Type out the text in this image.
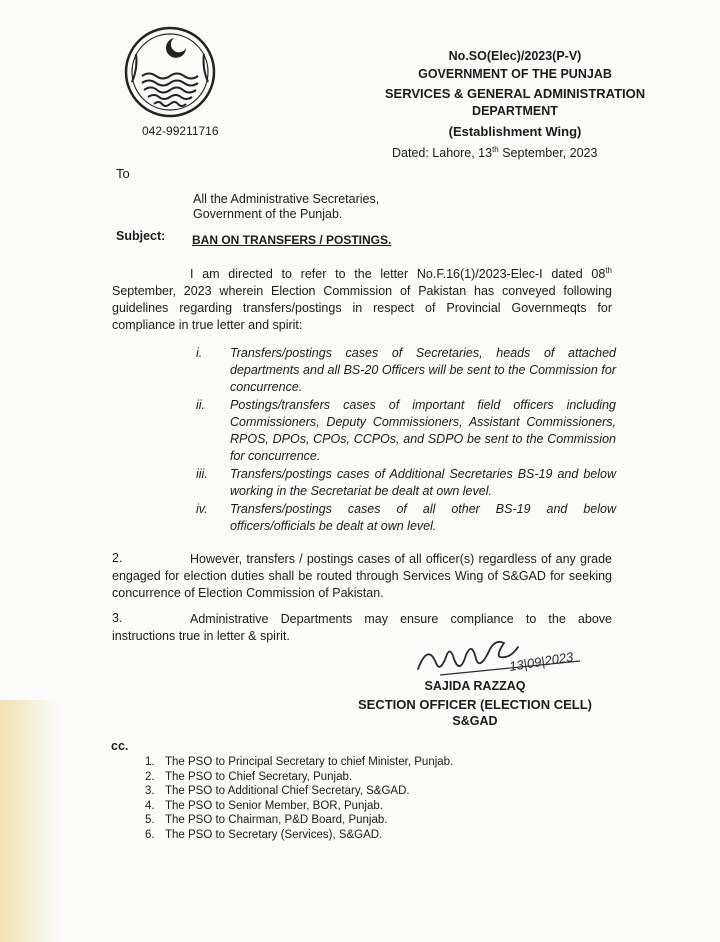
No.SO(Elec)/2023(P-V)
GOVERNMENT OF THE PUNJAB
SERVICES & GENERAL ADMINISTRATION
DEPARTMENT
(Establishment Wing)
042-99211716
Dated: Lahore, 13th September, 2023
To
All the Administrative Secretaries,
Government of the Punjab.
Subject: BAN ON TRANSFERS / POSTINGS.
I am directed to refer to the letter No.F.16(1)/2023-Elec-I dated 08th September, 2023 wherein Election Commission of Pakistan has conveyed following guidelines regarding transfers/postings in respect of Provincial Governmeqts for compliance in true letter and spirit:
i.	Transfers/postings cases of Secretaries, heads of attached departments and all BS-20 Officers will be sent to the Commission for concurrence.
ii.	Postings/transfers cases of important field officers including Commissioners, Deputy Commissioners, Assistant Commissioners, RPOS, DPOs, CPOs, CCPOs, and SDPO be sent to the Commission for concurrence.
iii.	Transfers/postings cases of Additional Secretaries BS-19 and below working in the Secretariat be dealt at own level.
iv.	Transfers/postings cases of all other BS-19 and below officers/officials be dealt at own level.
2.	However, transfers / postings cases of all officer(s) regardless of any grade engaged for election duties shall be routed through Services Wing of S&GAD for seeking concurrence of Election Commission of Pakistan.
3.	Administrative Departments may ensure compliance to the above instructions true in letter & spirit.
13|09|2023
SAJIDA RAZZAQ
SECTION OFFICER (ELECTION CELL)
S&GAD
cc.
1. The PSO to Principal Secretary to chief Minister, Punjab.
2. The PSO to Chief Secretary, Punjab.
3. The PSO to Additional Chief Secretary, S&GAD.
4. The PSO to Senior Member, BOR, Punjab.
5. The PSO to Chairman, P&D Board, Punjab.
6. The PSO to Secretary (Services), S&GAD.
